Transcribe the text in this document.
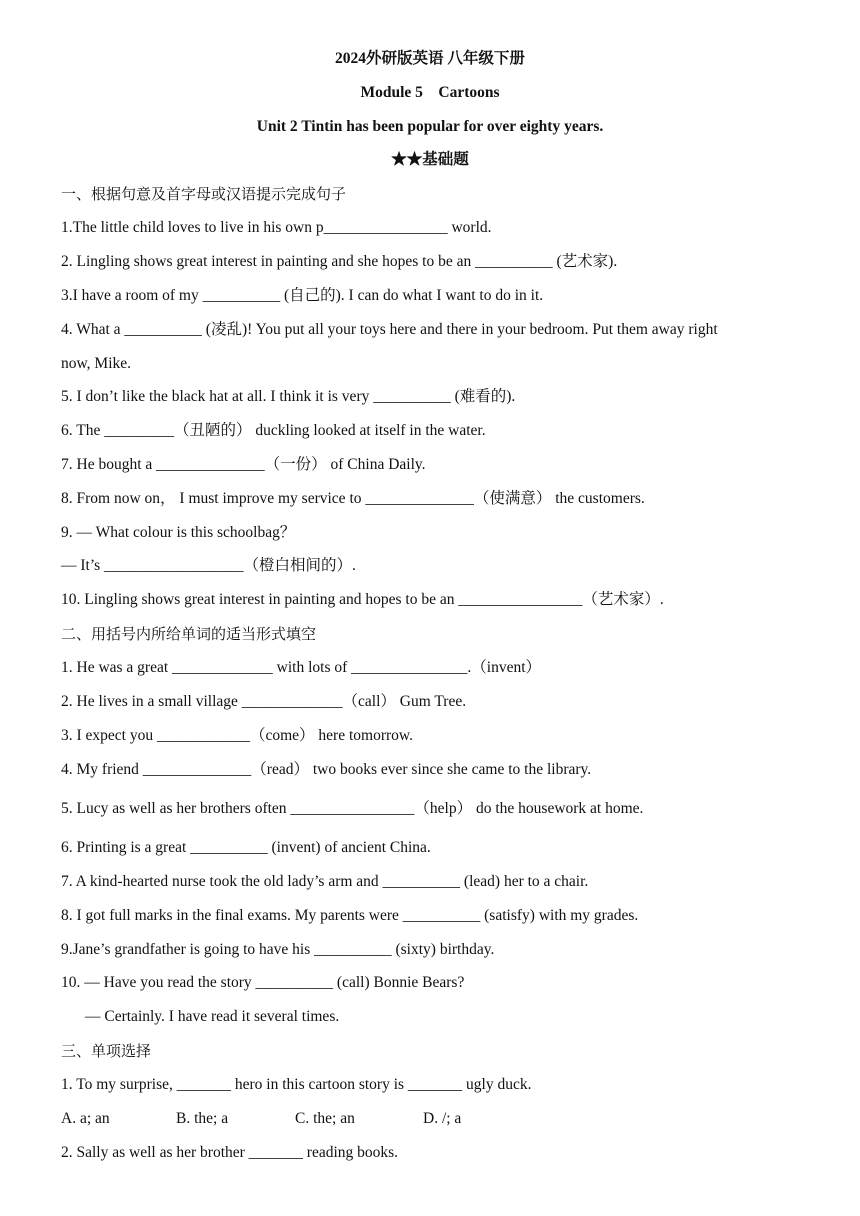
2024外研版英语 八年级下册
Module 5　Cartoons
Unit 2 Tintin has been popular for over eighty years.
★★基础题
一、根据句意及首字母或汉语提示完成句子
1.The little child loves to live in his own p________________ world.
2. Lingling shows great interest in painting and she hopes to be an __________ (艺术家).
3.I have a room of my __________ (自己的). I can do what I want to do in it.
4. What a __________ (凌乱)! You put all your toys here and there in your bedroom. Put them away right
now, Mike.
5. I don’t like the black hat at all. I think it is very __________ (难看的).
6. The _________（丑陋的） duckling looked at itself in the water.
7. He bought a ______________（一份） of China Daily.
8. From now on， I must improve my service to ______________（使满意） the customers.
9. — What colour is this schoolbag？
— It’s __________________（橙白相间的）.
10. Lingling shows great interest in painting and hopes to be an ________________（艺术家）.
二、用括号内所给单词的适当形式填空
1. He was a great _____________ with lots of _______________.（invent）
2. He lives in a small village _____________（call） Gum Tree.
3. I expect you ____________（come） here tomorrow.
4. My friend ______________（read） two books ever since she came to the library.
5. Lucy as well as her brothers often ________________（help） do the housework at home.
6. Printing is a great __________ (invent) of ancient China.
7. A kind-hearted nurse took the old lady’s arm and __________ (lead) her to a chair.
8. I got full marks in the final exams. My parents were __________ (satisfy) with my grades.
9.Jane’s grandfather is going to have his __________ (sixty) birthday.
10. — Have you read the story __________ (call) Bonnie Bears?
— Certainly. I have read it several times.
三、单项选择
1. To my surprise, _______ hero in this cartoon story is _______ ugly duck.
A. a; an	B. the; a	C. the; an	D. /; a
2. Sally as well as her brother _______ reading books.
